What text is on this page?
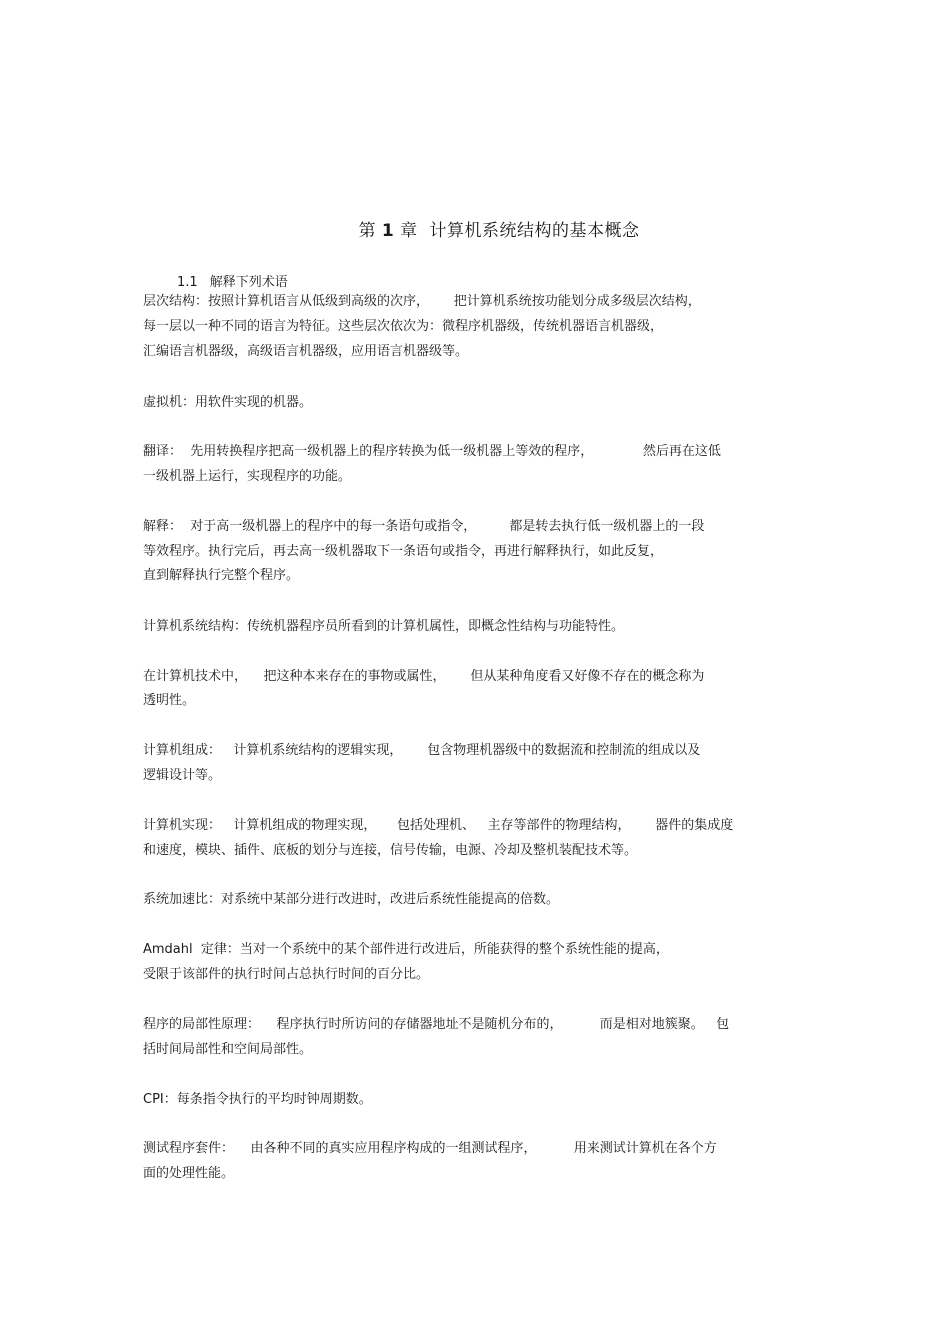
第 1 章 计算机系统结构的基本概念
1.1 解释下列术语
层次结构：按照计算机语言从低级到高级的次序，      把计算机系统按功能划分成多级层次结构，
每一层以一种不同的语言为特征。这些层次依次为：微程序机器级，传统机器语言机器级，
汇编语言机器级，高级语言机器级，应用语言机器级等。
虚拟机：用软件实现的机器。
翻译：  先用转换程序把高一级机器上的程序转换为低一级机器上等效的程序，            然后再在这低
一级机器上运行，实现程序的功能。
解释：  对于高一级机器上的程序中的每一条语句或指令，        都是转去执行低一级机器上的一段
等效程序。执行完后，再去高一级机器取下一条语句或指令，再进行解释执行，如此反复，
直到解释执行完整个程序。
计算机系统结构：传统机器程序员所看到的计算机属性，即概念性结构与功能特性。
在计算机技术中，    把这种本来存在的事物或属性，      但从某种角度看又好像不存在的概念称为
透明性。
计算机组成：   计算机系统结构的逻辑实现，      包含物理机器级中的数据流和控制流的组成以及
逻辑设计等。
计算机实现：   计算机组成的物理实现，     包括处理机、   主存等部件的物理结构，      器件的集成度
和速度，模块、插件、底板的划分与连接，信号传输，电源、冷却及整机装配技术等。
系统加速比：对系统中某部分进行改进时，改进后系统性能提高的倍数。
Amdahl  定律：当对一个系统中的某个部件进行改进后，所能获得的整个系统性能的提高，
受限于该部件的执行时间占总执行时间的百分比。
程序的局部性原理：    程序执行时所访问的存储器地址不是随机分布的，         而是相对地簇聚。   包
括时间局部性和空间局部性。
CPI：每条指令执行的平均时钟周期数。
测试程序套件：    由各种不同的真实应用程序构成的一组测试程序，         用来测试计算机在各个方
面的处理性能。
